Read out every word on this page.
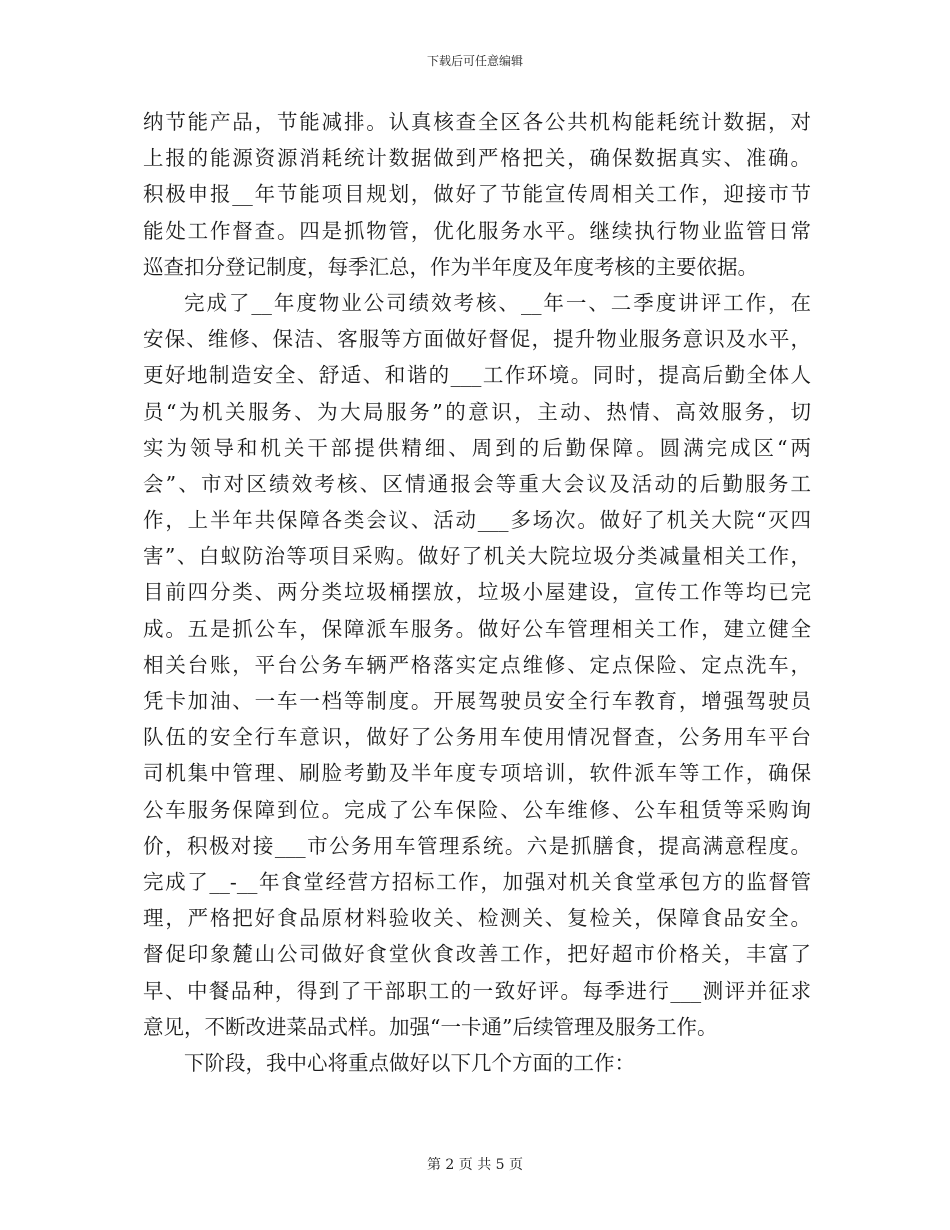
下载后可任意编辑
纳节能产品，节能减排。认真核查全区各公共机构能耗统计数据，对
上报的能源资源消耗统计数据做到严格把关，确保数据真实、准确。
积极申报__年节能项目规划，做好了节能宣传周相关工作，迎接市节
能处工作督查。四是抓物管，优化服务水平。继续执行物业监管日常
巡查扣分登记制度，每季汇总，作为半年度及年度考核的主要依据。
完成了__年度物业公司绩效考核、__年一、二季度讲评工作，在
安保、维修、保洁、客服等方面做好督促，提升物业服务意识及水平，
更好地制造安全、舒适、和谐的___工作环境。同时，提高后勤全体人
员“为机关服务、为大局服务”的意识，主动、热情、高效服务，切
实为领导和机关干部提供精细、周到的后勤保障。圆满完成区“两
会”、市对区绩效考核、区情通报会等重大会议及活动的后勤服务工
作，上半年共保障各类会议、活动___多场次。做好了机关大院“灭四
害”、白蚁防治等项目采购。做好了机关大院垃圾分类减量相关工作，
目前四分类、两分类垃圾桶摆放，垃圾小屋建设，宣传工作等均已完
成。五是抓公车，保障派车服务。做好公车管理相关工作，建立健全
相关台账，平台公务车辆严格落实定点维修、定点保险、定点洗车，
凭卡加油、一车一档等制度。开展驾驶员安全行车教育，增强驾驶员
队伍的安全行车意识，做好了公务用车使用情况督查，公务用车平台
司机集中管理、刷脸考勤及半年度专项培训，软件派车等工作，确保
公车服务保障到位。完成了公车保险、公车维修、公车租赁等采购询
价，积极对接___市公务用车管理系统。六是抓膳食，提高满意程度。
完成了__-__年食堂经营方招标工作，加强对机关食堂承包方的监督管
理，严格把好食品原材料验收关、检测关、复检关，保障食品安全。
督促印象麓山公司做好食堂伙食改善工作，把好超市价格关，丰富了
早、中餐品种，得到了干部职工的一致好评。每季进行___测评并征求
意见，不断改进菜品式样。加强“一卡通”后续管理及服务工作。
下阶段，我中心将重点做好以下几个方面的工作：
第 2 页 共 5 页
